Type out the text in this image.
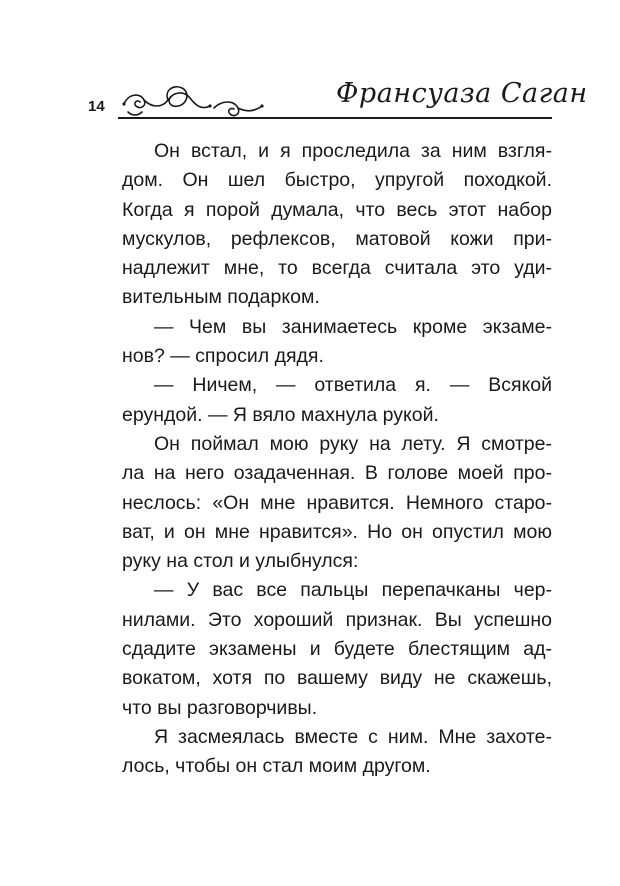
14	Франсуаза Саган
Он встал, и я проследила за ним взгля-
дом. Он шел быстро, упругой походкой.
Когда я порой думала, что весь этот набор
мускулов, рефлексов, матовой кожи при-
надлежит мне, то всегда считала это уди-
вительным подарком.
— Чем вы занимаетесь кроме экзаме-
нов? — спросил дядя.
— Ничем, — ответила я. — Всякой
ерундой. — Я вяло махнула рукой.
Он поймал мою руку на лету. Я смотре-
ла на него озадаченная. В голове моей про-
неслось: «Он мне нравится. Немного старо-
ват, и он мне нравится». Но он опустил мою
руку на стол и улыбнулся:
— У вас все пальцы перепачканы чер-
нилами. Это хороший признак. Вы успешно
сдадите экзамены и будете блестящим ад-
вокатом, хотя по вашему виду не скажешь,
что вы разговорчивы.
Я засмеялась вместе с ним. Мне захоте-
лось, чтобы он стал моим другом.
